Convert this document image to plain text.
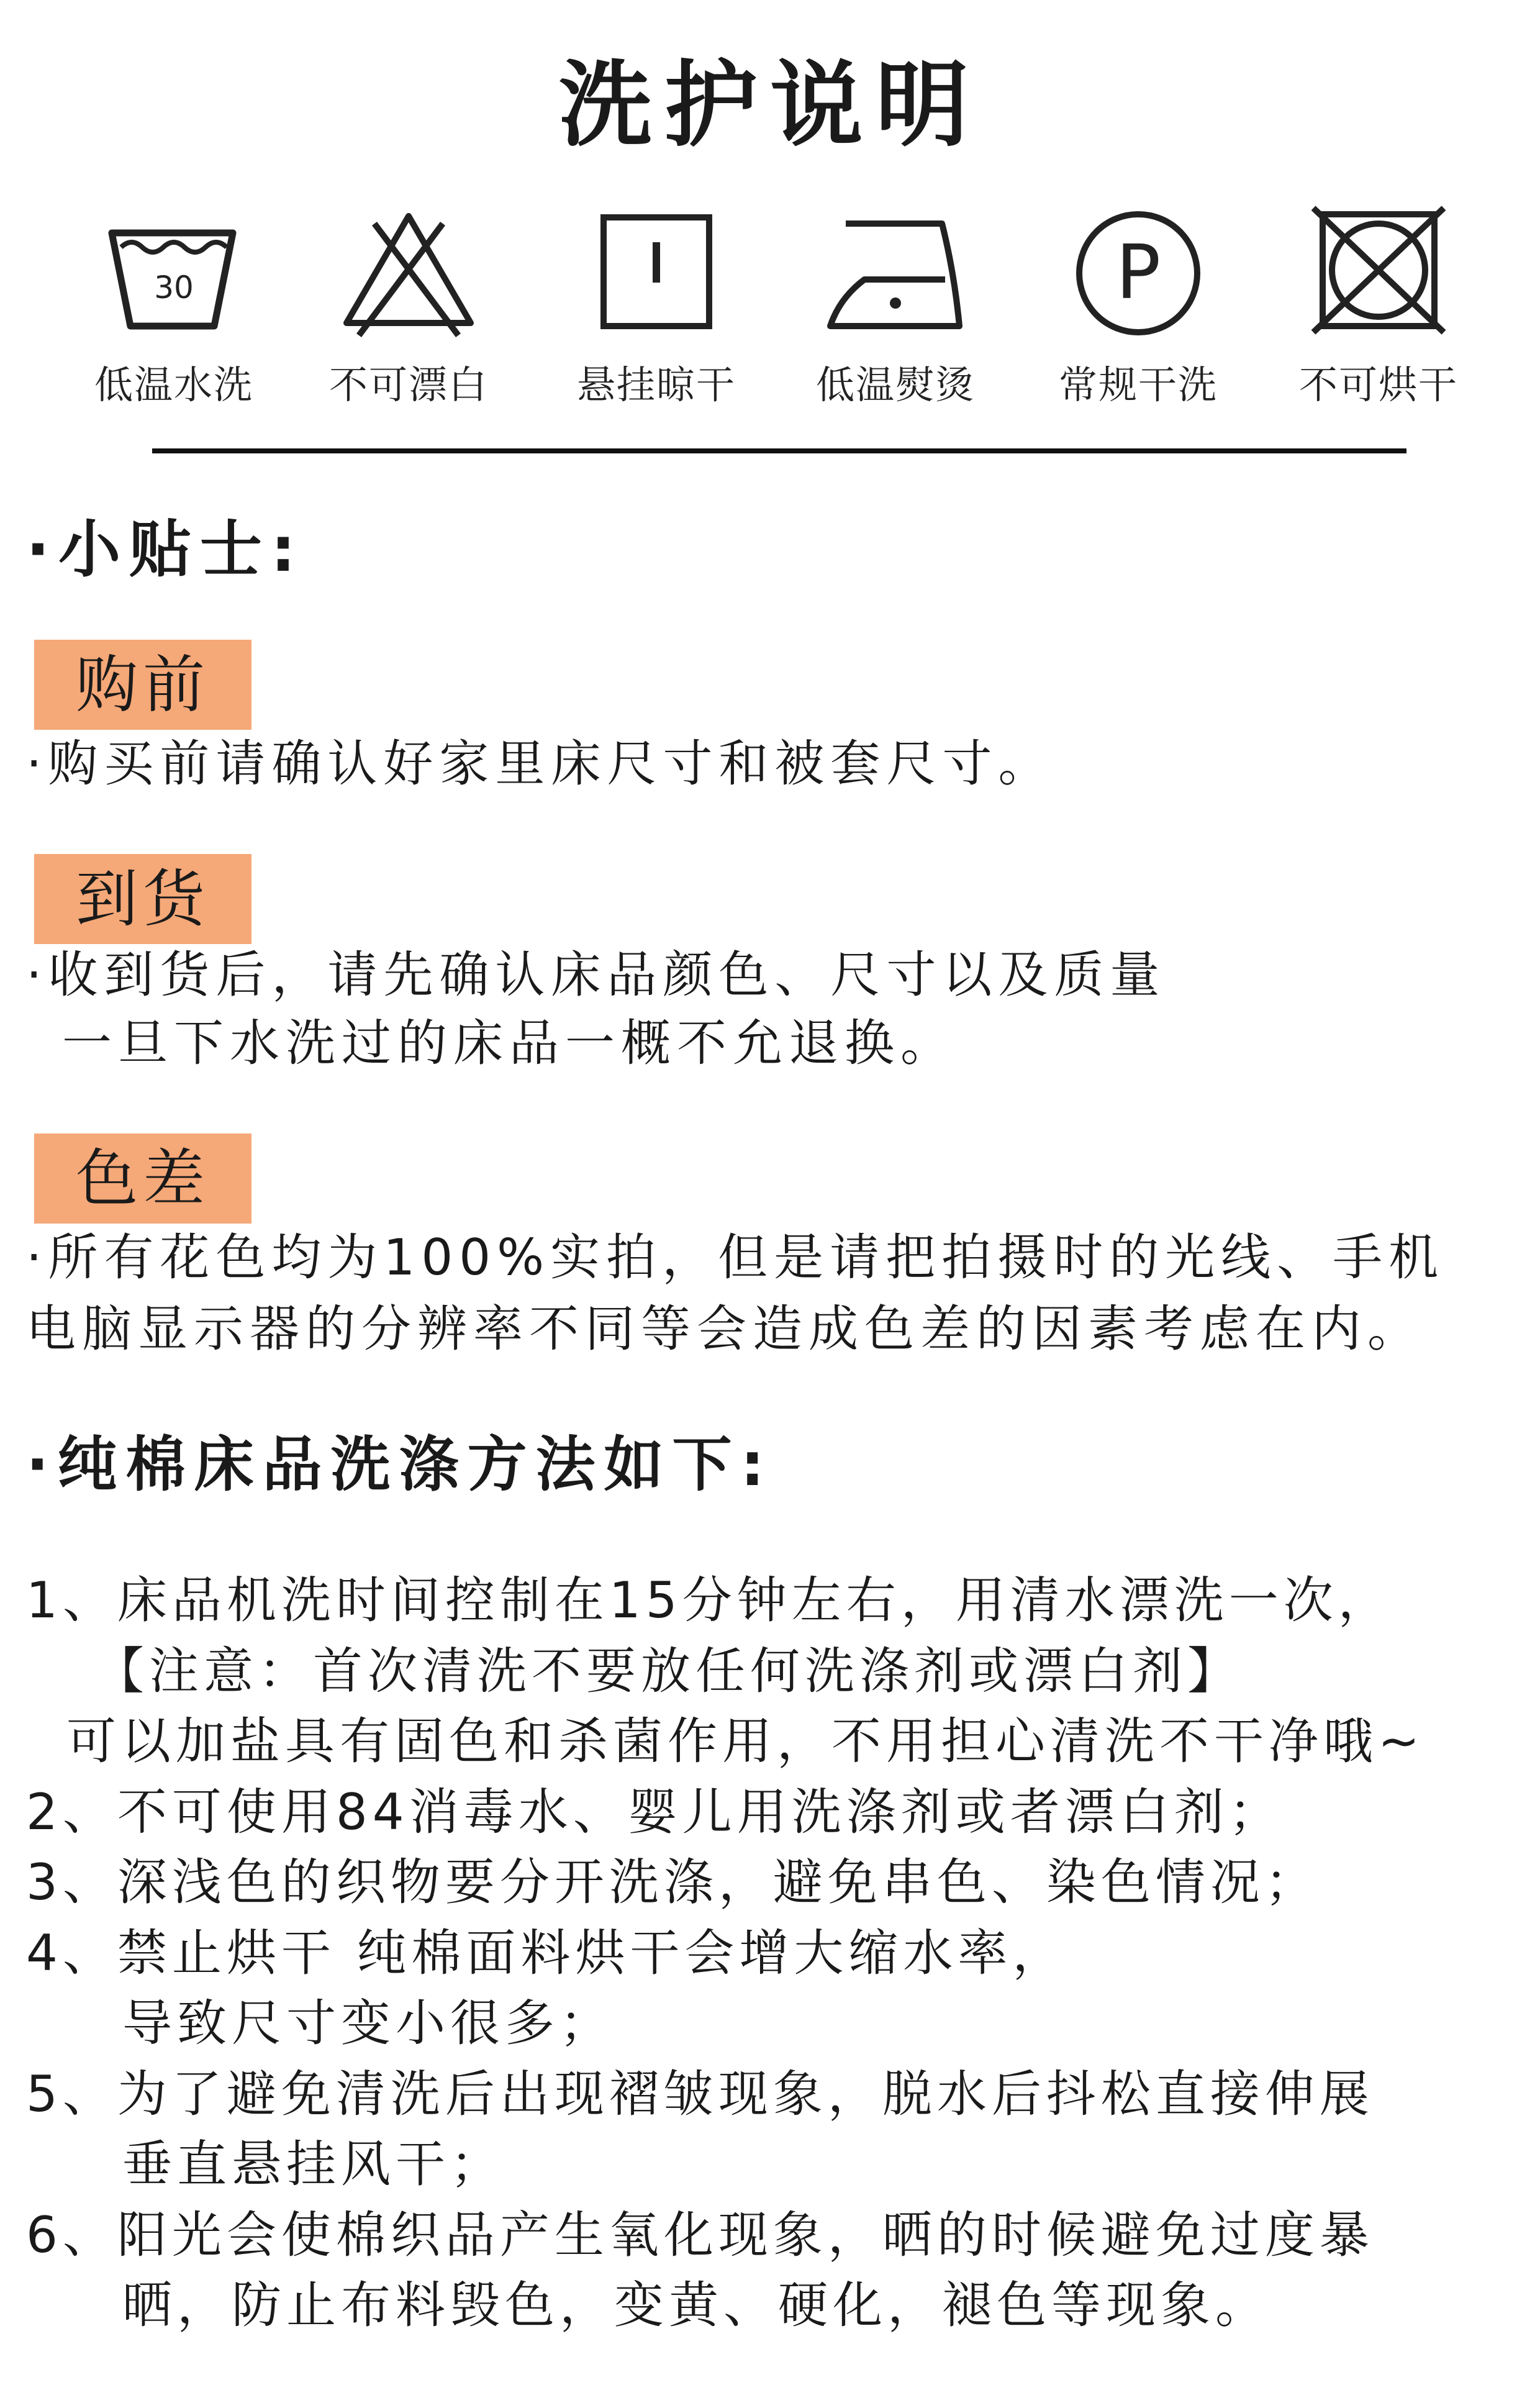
洗护说明
30
低温水洗	不可漂白	悬挂晾干	低温熨烫
P
常规干洗	不可烘干
·小贴士:
购前
·购买前请确认好家里床尺寸和被套尺寸。
到货
·收到货后，请先确认床品颜色、尺寸以及质量
一旦下水洗过的床品一概不允退换。
色差
·所有花色均为100%实拍，但是请把拍摄时的光线、手机
电脑显示器的分辨率不同等会造成色差的因素考虑在内。
·纯棉床品洗涤方法如下:
1、床品机洗时间控制在15分钟左右，用清水漂洗一次，
【注意：首次清洗不要放任何洗涤剂或漂白剂】
可以加盐具有固色和杀菌作用，不用担心清洗不干净哦~
2、不可使用84消毒水、婴儿用洗涤剂或者漂白剂；
3、深浅色的织物要分开洗涤，避免串色、染色情况；
4、禁止烘干 纯棉面料烘干会增大缩水率，
导致尺寸变小很多；
5、为了避免清洗后出现褶皱现象，脱水后抖松直接伸展
垂直悬挂风干；
6、阳光会使棉织品产生氧化现象，晒的时候避免过度暴
晒，防止布料毁色，变黄、硬化，褪色等现象。
